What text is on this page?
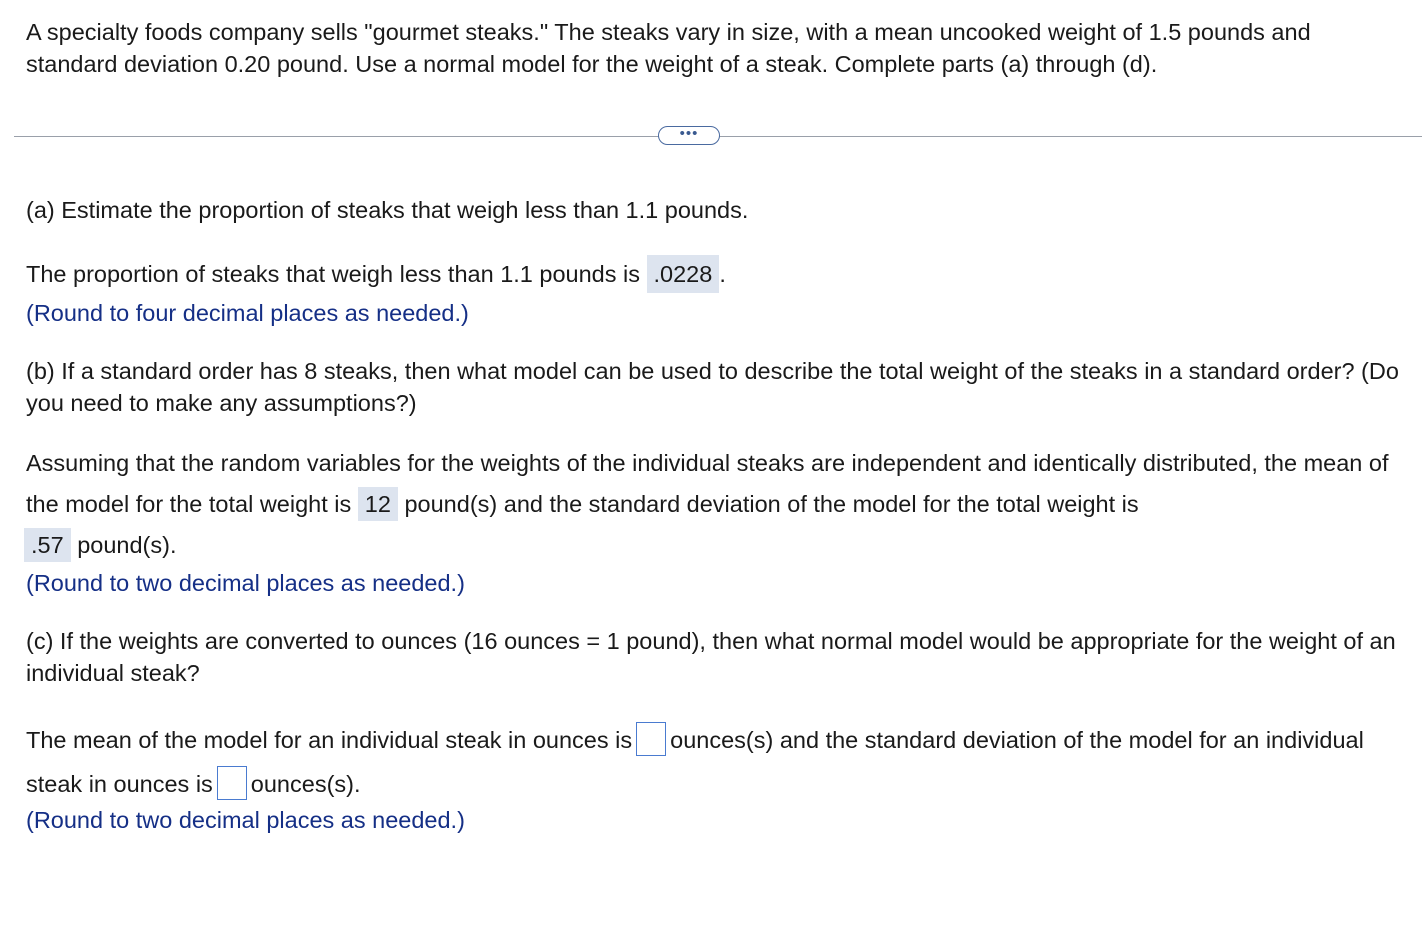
A specialty foods company sells "gourmet steaks." The steaks vary in size, with a mean uncooked weight of 1.5 pounds and standard deviation 0.20 pound. Use a normal model for the weight of a steak. Complete parts (a) through (d).
•••
(a) Estimate the proportion of steaks that weigh less than 1.1 pounds.
The proportion of steaks that weigh less than 1.1 pounds is .0228 .
(Round to four decimal places as needed.)
(b) If a standard order has 8 steaks, then what model can be used to describe the total weight of the steaks in a standard order? (Do you need to make any assumptions?)
Assuming that the random variables for the weights of the individual steaks are independent and identically distributed, the mean of the model for the total weight is 12 pound(s) and the standard deviation of the model for the total weight is
.57 pound(s).
(Round to two decimal places as needed.)
(c) If the weights are converted to ounces (16 ounces = 1 pound), then what normal model would be appropriate for the weight of an individual steak?
The mean of the model for an individual steak in ounces is ounces(s) and the standard deviation of the model for an individual steak in ounces is ounces(s).
(Round to two decimal places as needed.)
